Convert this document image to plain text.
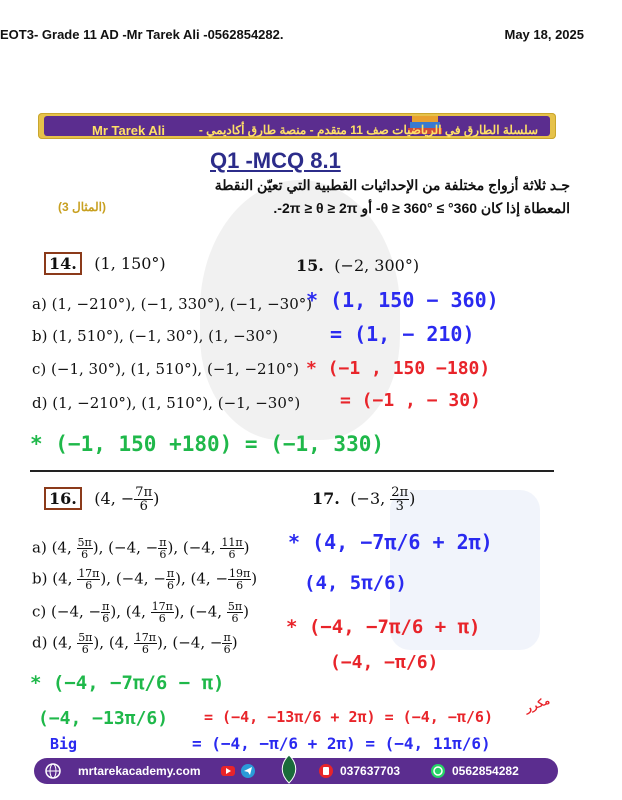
EOT3- Grade 11 AD -Mr Tarek Ali -0562854282.	May 18, 2025
Mr Tarek Ali	سلسلة الطارق في الرياضيات صف 11 متقدم - منصة طارق أكاديمي -
Q1 -MCQ 8.1
جـد ثلاثة أزواج مختلفة من الإحداثيات القطبية التي تعيّن النقطة
المعطاة إذا كان 360° ≥ θ ≥ 360°- أو 2π ≥ θ ≥ 2π-.
(المثال 3)
14. (1, 150°)	15. (−2, 300°)
a) (1, −210°), (−1, 330°), (−1, −30°)
b) (1, 510°), (−1, 30°), (1, −30°)
c) (−1, 30°), (1, 510°), (−1, −210°)
d) (1, −210°), (1, 510°), (−1, −30°)
* (1, 150 − 360)
= (1, − 210)
* (−1 , 150 −180)
= (−1 , − 30)
* (−1, 150 +180) = (−1, 330)
16. (4, − $\frac{7\pi}{6}$ )	17. (−3, $\frac{2\pi}{3}$ )
a) (4, $\frac{5\pi}{6}$ ), (−4, − $\frac{\pi}{6}$ ), (−4, $\frac{11\pi}{6}$ )
b) (4, $\frac{17\pi}{6}$ ), (−4, − $\frac{\pi}{6}$ ), (4, − $\frac{19\pi}{6}$ )
c) (−4, − $\frac{\pi}{6}$ ), (4, $\frac{17\pi}{6}$ ), (−4, $\frac{5\pi}{6}$ )
d) (4, $\frac{5\pi}{6}$ ), (4, $\frac{17\pi}{6}$ ), (−4, − $\frac{\pi}{6}$ )
* (4, −7π/6 + 2π)
(4, 5π/6)
* (−4, −7π/6 + π)
(−4, −π/6)
* (−4, −7π/6 − π)
(−4, −13π/6) = (−4, −13π/6 + 2π) = (−4, −π/6)
مكرر
Big	= (−4, −π/6 + 2π) = (−4, 11π/6)
mrtarekacademy.com	037637703	0562854282
